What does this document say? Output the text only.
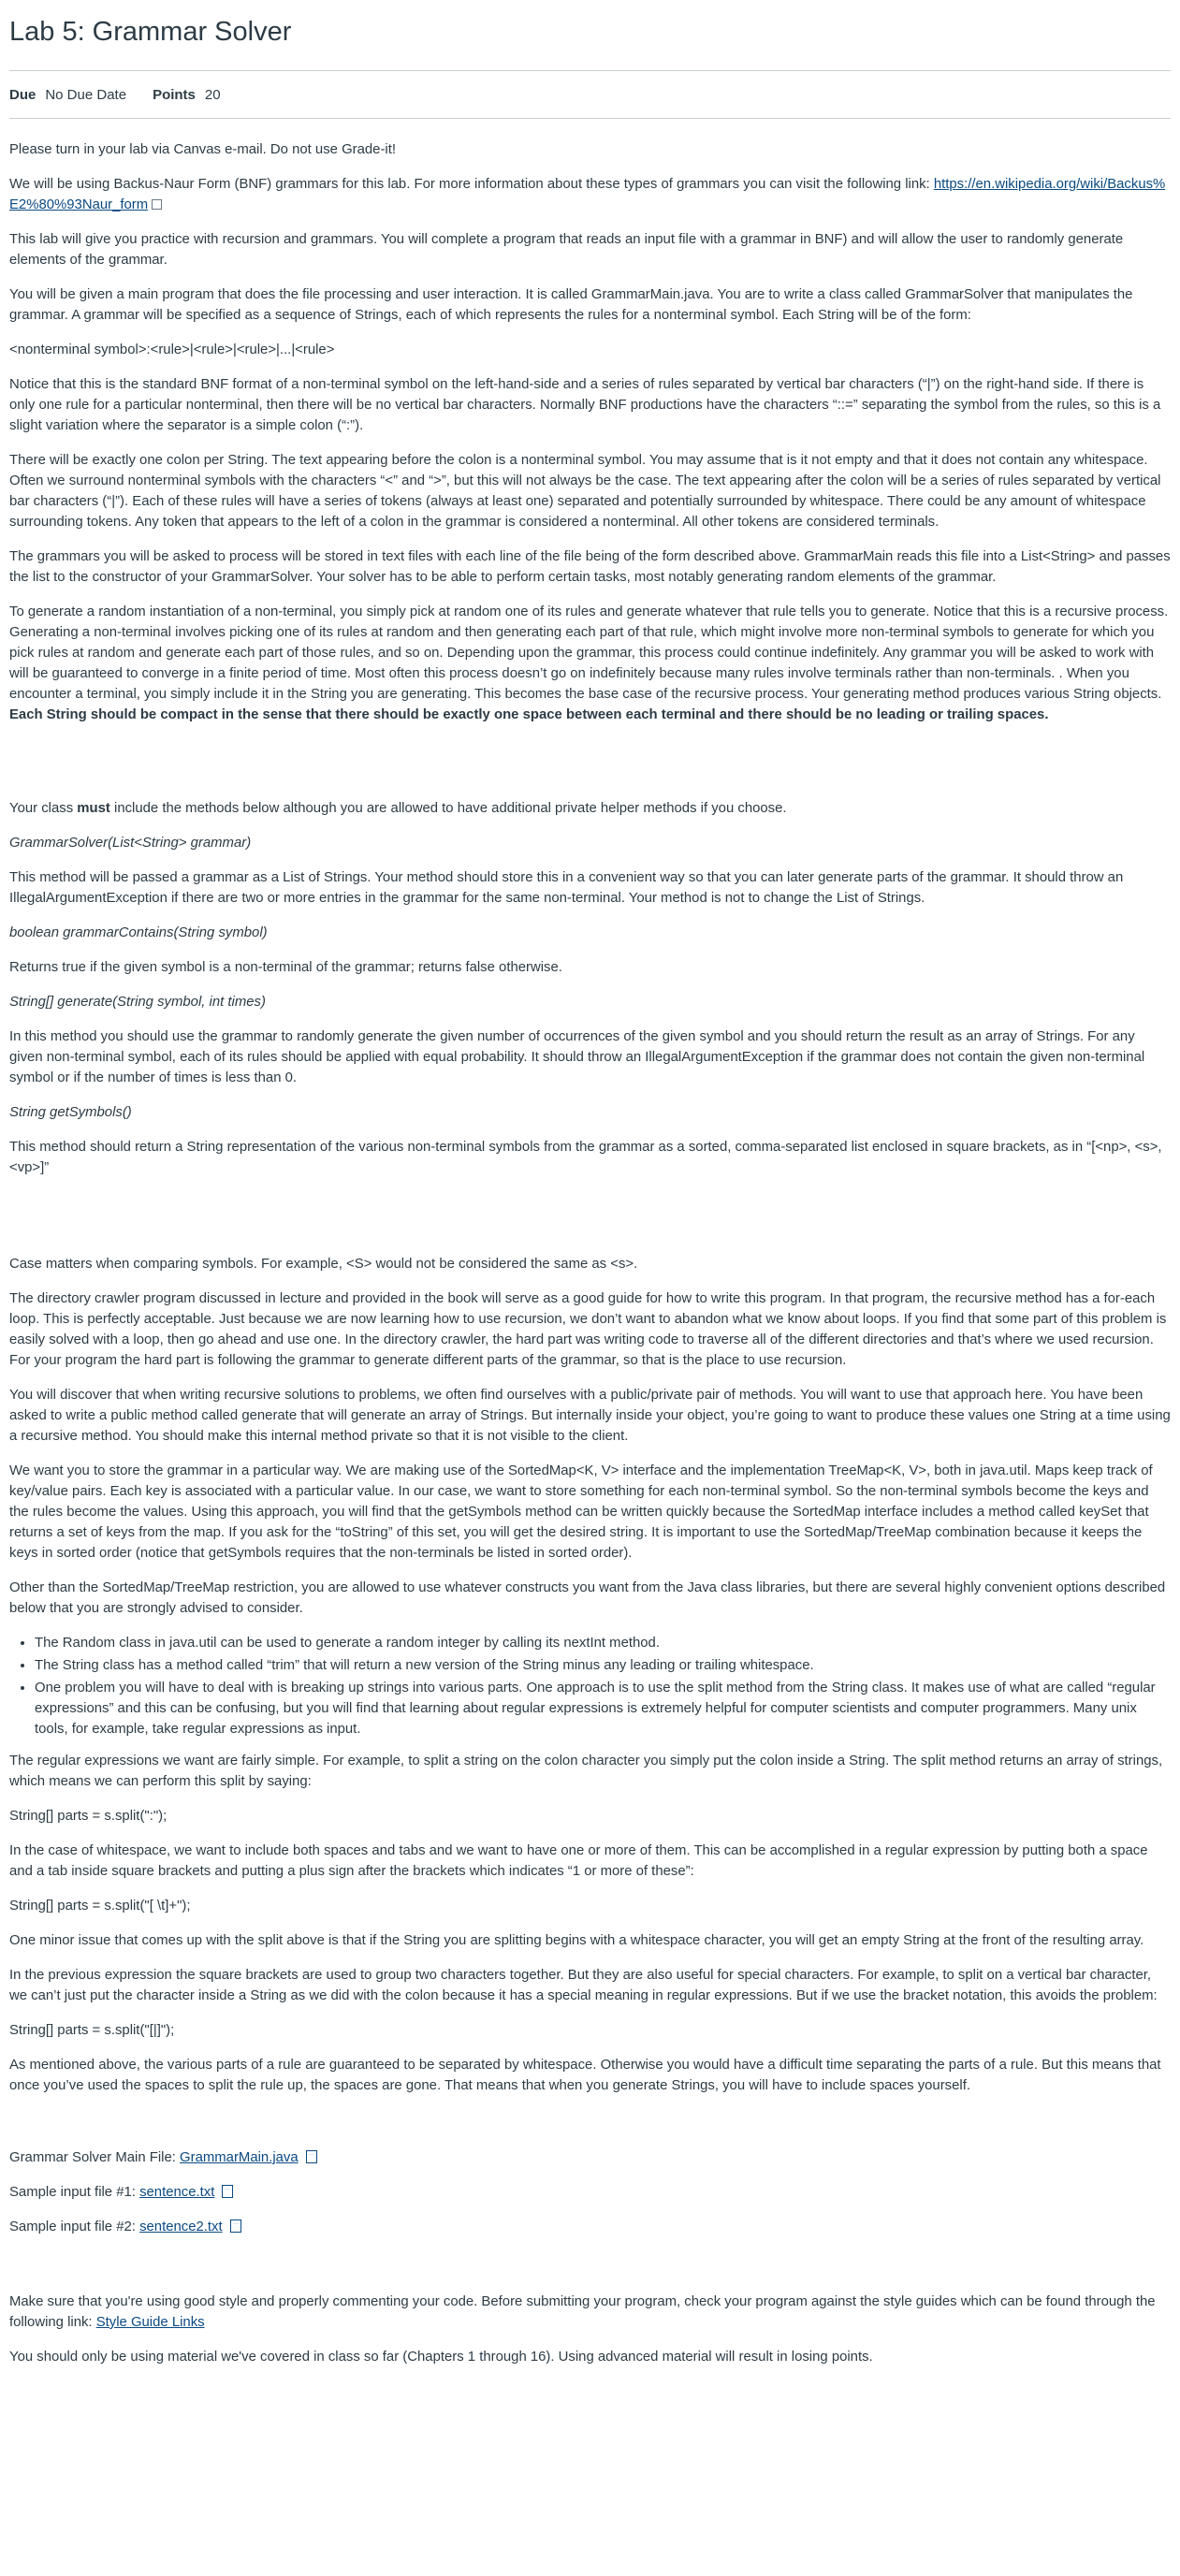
Lab 5: Grammar Solver
Due No Due Date Points 20

Please turn in your lab via Canvas e-mail. Do not use Grade-it!

We will be using Backus-Naur Form (BNF) grammars for this lab. For more information about these types of grammars you can visit the following link: https://en.wikipedia.org/wiki/Backus%E2%80%93Naur_form

This lab will give you practice with recursion and grammars. You will complete a program that reads an input file with a grammar in BNF) and will allow the user to randomly generate elements of the grammar.

You will be given a main program that does the file processing and user interaction. It is called GrammarMain.java. You are to write a class called GrammarSolver that manipulates the grammar. A grammar will be specified as a sequence of Strings, each of which represents the rules for a nonterminal symbol. Each String will be of the form:

<nonterminal symbol>:<rule>|<rule>|<rule>|...|<rule>

Notice that this is the standard BNF format of a non-terminal symbol on the left-hand-side and a series of rules separated by vertical bar characters (“|”) on the right-hand side. If there is only one rule for a particular nonterminal, then there will be no vertical bar characters. Normally BNF productions have the characters “::=” separating the symbol from the rules, so this is a slight variation where the separator is a simple colon (“:”).

There will be exactly one colon per String. The text appearing before the colon is a nonterminal symbol. You may assume that is it not empty and that it does not contain any whitespace. Often we surround nonterminal symbols with the characters “<” and “>”, but this will not always be the case. The text appearing after the colon will be a series of rules separated by vertical bar characters (“|”). Each of these rules will have a series of tokens (always at least one) separated and potentially surrounded by whitespace. There could be any amount of whitespace surrounding tokens. Any token that appears to the left of a colon in the grammar is considered a nonterminal. All other tokens are considered terminals.

The grammars you will be asked to process will be stored in text files with each line of the file being of the form described above. GrammarMain reads this file into a List<String> and passes the list to the constructor of your GrammarSolver. Your solver has to be able to perform certain tasks, most notably generating random elements of the grammar.

To generate a random instantiation of a non-terminal, you simply pick at random one of its rules and generate whatever that rule tells you to generate. Notice that this is a recursive process. Generating a non-terminal involves picking one of its rules at random and then generating each part of that rule, which might involve more non-terminal symbols to generate for which you pick rules at random and generate each part of those rules, and so on. Depending upon the grammar, this process could continue indefinitely. Any grammar you will be asked to work with will be guaranteed to converge in a finite period of time. Most often this process doesn’t go on indefinitely because many rules involve terminals rather than non-terminals. . When you encounter a terminal, you simply include it in the String you are generating. This becomes the base case of the recursive process. Your generating method produces various String objects. Each String should be compact in the sense that there should be exactly one space between each terminal and there should be no leading or trailing spaces.

Your class must include the methods below although you are allowed to have additional private helper methods if you choose.

GrammarSolver(List<String> grammar)

This method will be passed a grammar as a List of Strings. Your method should store this in a convenient way so that you can later generate parts of the grammar. It should throw an IllegalArgumentException if there are two or more entries in the grammar for the same non-terminal. Your method is not to change the List of Strings.

boolean grammarContains(String symbol)

Returns true if the given symbol is a non-terminal of the grammar; returns false otherwise.

String[] generate(String symbol, int times)

In this method you should use the grammar to randomly generate the given number of occurrences of the given symbol and you should return the result as an array of Strings. For any given non-terminal symbol, each of its rules should be applied with equal probability. It should throw an IllegalArgumentException if the grammar does not contain the given non-terminal symbol or if the number of times is less than 0.

String getSymbols()

This method should return a String representation of the various non-terminal symbols from the grammar as a sorted, comma-separated list enclosed in square brackets, as in “[<np>, <s>, <vp>]”

Case matters when comparing symbols. For example, <S> would not be considered the same as <s>.

The directory crawler program discussed in lecture and provided in the book will serve as a good guide for how to write this program. In that program, the recursive method has a for-each loop. This is perfectly acceptable. Just because we are now learning how to use recursion, we don’t want to abandon what we know about loops. If you find that some part of this problem is easily solved with a loop, then go ahead and use one. In the directory crawler, the hard part was writing code to traverse all of the different directories and that’s where we used recursion. For your program the hard part is following the grammar to generate different parts of the grammar, so that is the place to use recursion.

You will discover that when writing recursive solutions to problems, we often find ourselves with a public/private pair of methods. You will want to use that approach here. You have been asked to write a public method called generate that will generate an array of Strings. But internally inside your object, you’re going to want to produce these values one String at a time using a recursive method. You should make this internal method private so that it is not visible to the client.

We want you to store the grammar in a particular way. We are making use of the SortedMap<K, V> interface and the implementation TreeMap<K, V>, both in java.util. Maps keep track of key/value pairs. Each key is associated with a particular value. In our case, we want to store something for each non-terminal symbol. So the non-terminal symbols become the keys and the rules become the values. Using this approach, you will find that the getSymbols method can be written quickly because the SortedMap interface includes a method called keySet that returns a set of keys from the map. If you ask for the “toString” of this set, you will get the desired string. It is important to use the SortedMap/TreeMap combination because it keeps the keys in sorted order (notice that getSymbols requires that the non-terminals be listed in sorted order).

Other than the SortedMap/TreeMap restriction, you are allowed to use whatever constructs you want from the Java class libraries, but there are several highly convenient options described below that you are strongly advised to consider.

• The Random class in java.util can be used to generate a random integer by calling its nextInt method.
• The String class has a method called “trim” that will return a new version of the String minus any leading or trailing whitespace.
• One problem you will have to deal with is breaking up strings into various parts. One approach is to use the split method from the String class. It makes use of what are called “regular expressions” and this can be confusing, but you will find that learning about regular expressions is extremely helpful for computer scientists and computer programmers. Many unix tools, for example, take regular expressions as input.

The regular expressions we want are fairly simple. For example, to split a string on the colon character you simply put the colon inside a String. The split method returns an array of strings, which means we can perform this split by saying:

String[] parts = s.split(":");

In the case of whitespace, we want to include both spaces and tabs and we want to have one or more of them. This can be accomplished in a regular expression by putting both a space and a tab inside square brackets and putting a plus sign after the brackets which indicates “1 or more of these”:

String[] parts = s.split("[ \t]+");

One minor issue that comes up with the split above is that if the String you are splitting begins with a whitespace character, you will get an empty String at the front of the resulting array.

In the previous expression the square brackets are used to group two characters together. But they are also useful for special characters. For example, to split on a vertical bar character, we can’t just put the character inside a String as we did with the colon because it has a special meaning in regular expressions. But if we use the bracket notation, this avoids the problem:

String[] parts = s.split("[|]");

As mentioned above, the various parts of a rule are guaranteed to be separated by whitespace. Otherwise you would have a difficult time separating the parts of a rule. But this means that once you’ve used the spaces to split the rule up, the spaces are gone. That means that when you generate Strings, you will have to include spaces yourself.

Grammar Solver Main File: GrammarMain.java

Sample input file #1: sentence.txt

Sample input file #2: sentence2.txt

Make sure that you're using good style and properly commenting your code. Before submitting your program, check your program against the style guides which can be found through the following link: Style Guide Links

You should only be using material we've covered in class so far (Chapters 1 through 16). Using advanced material will result in losing points.
